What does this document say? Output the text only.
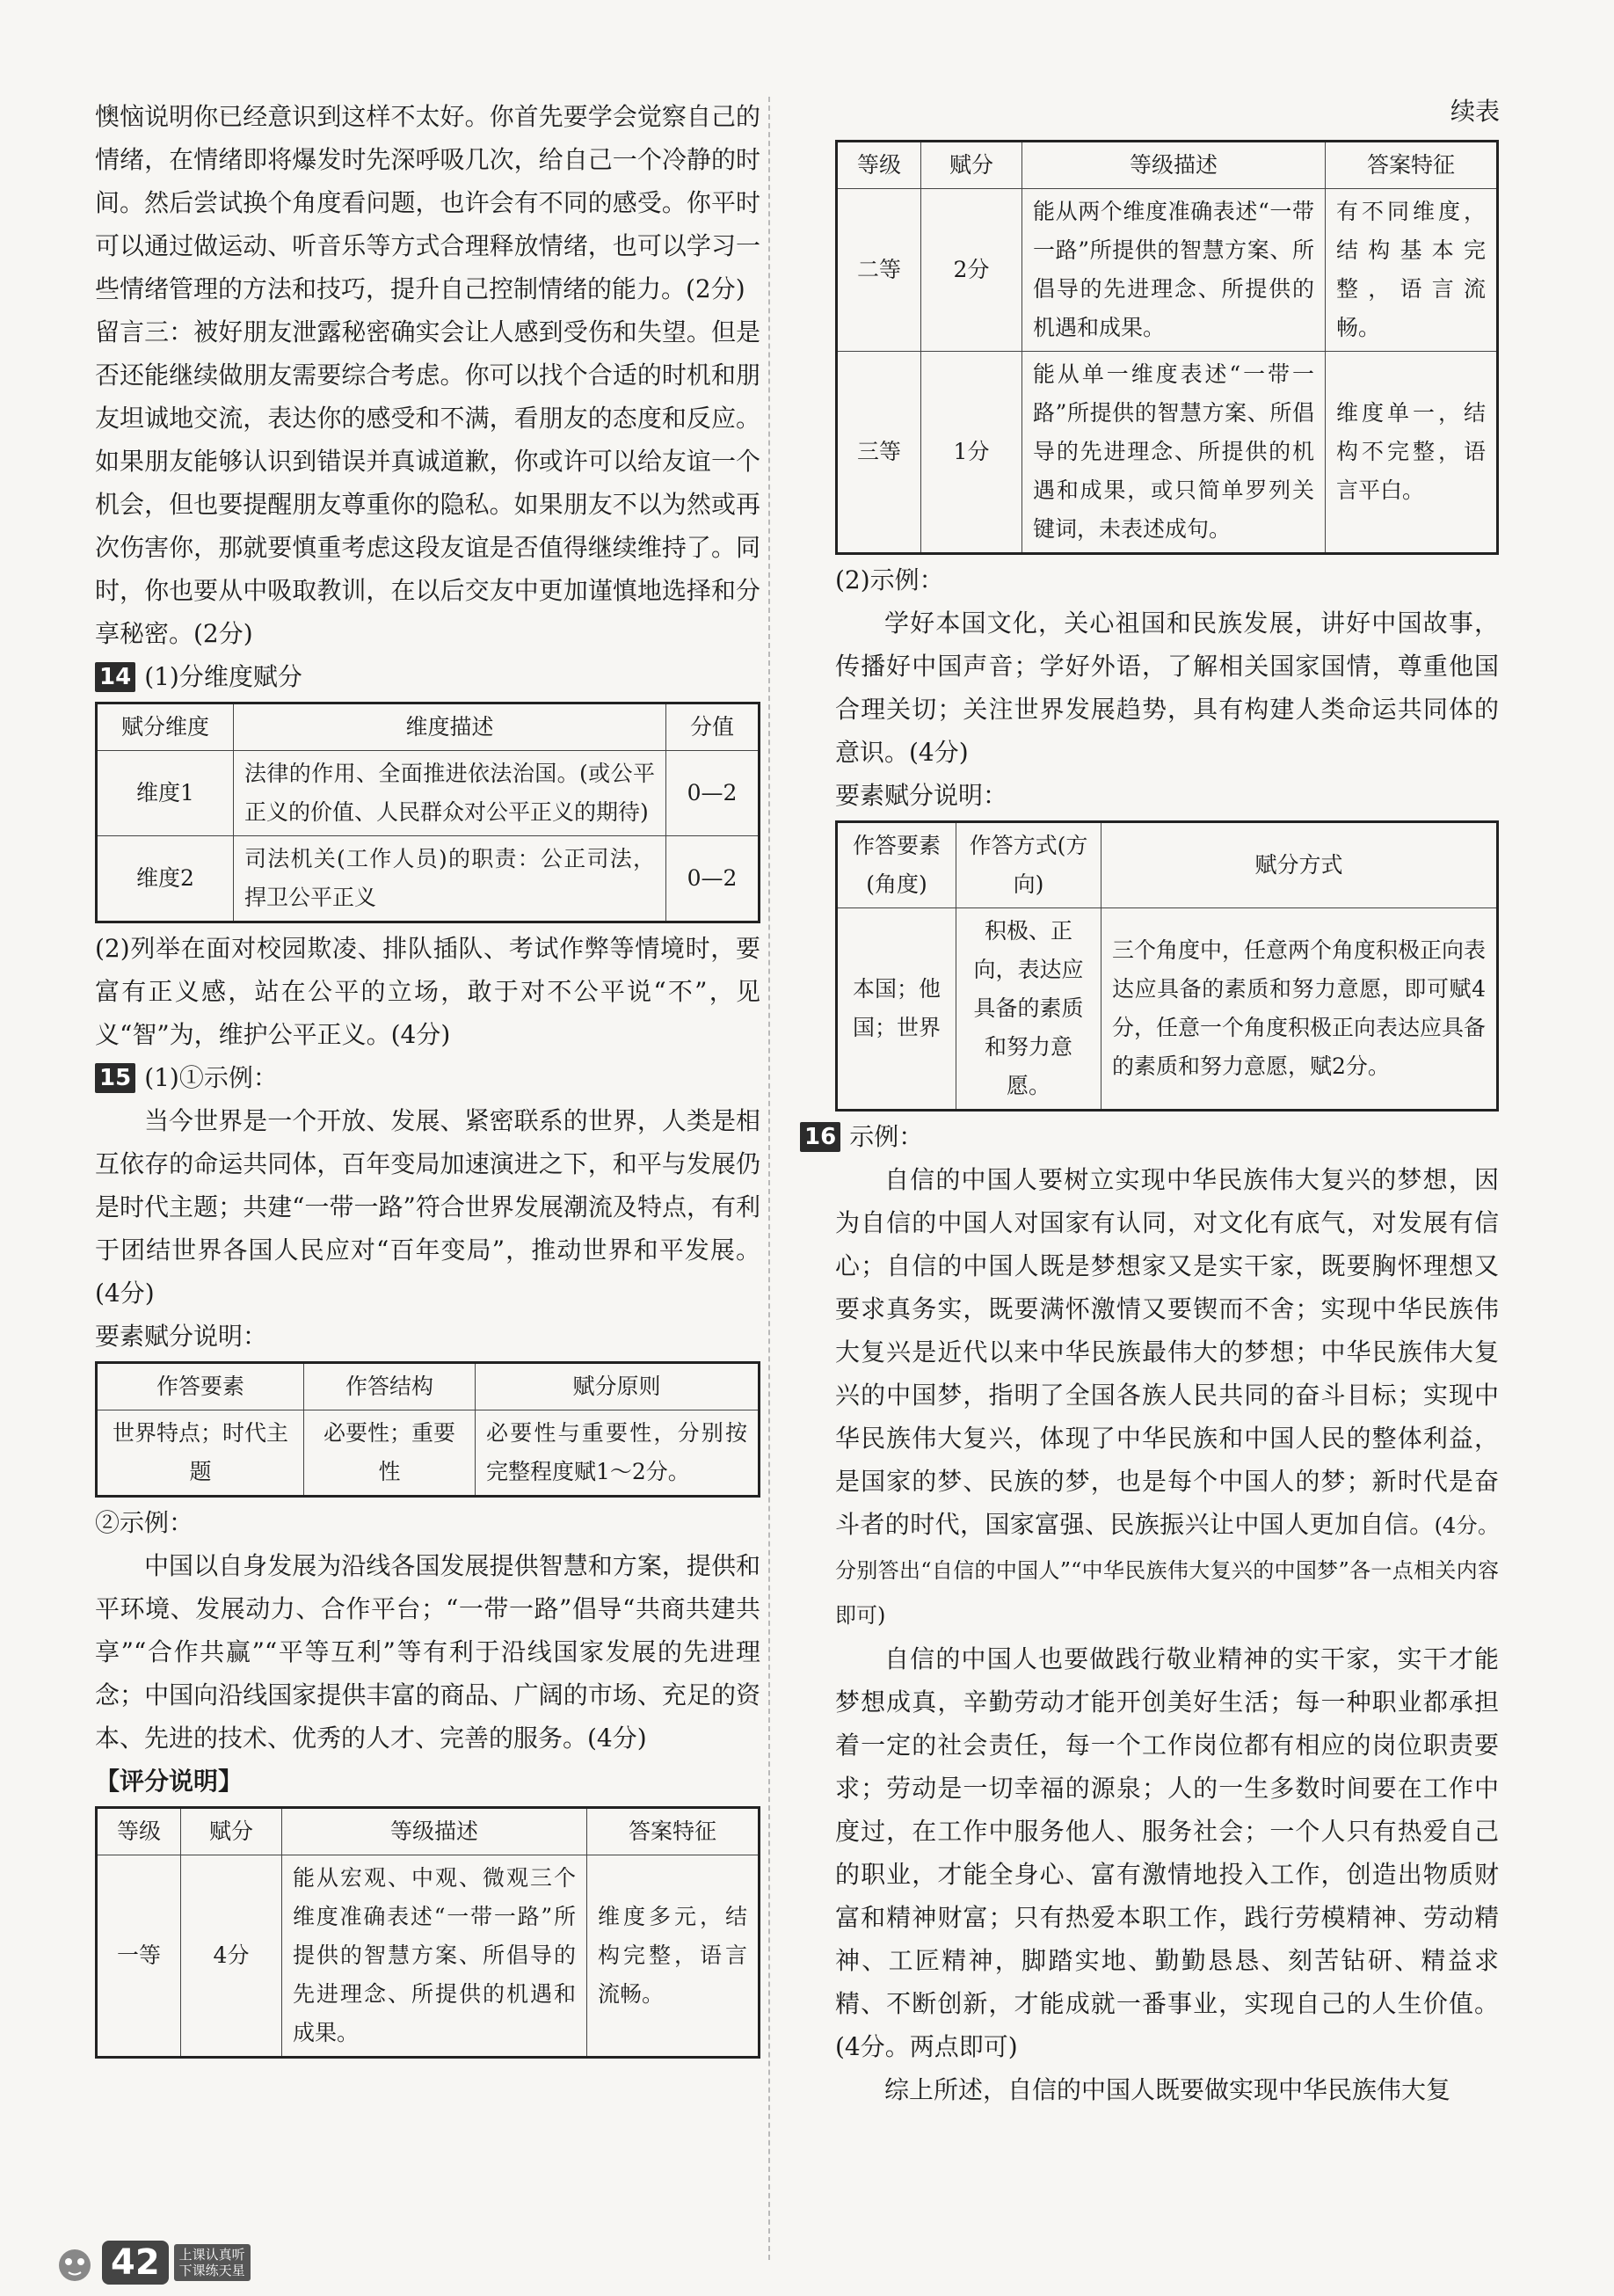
懊恼说明你已经意识到这样不太好。你首先要学会觉察自己的情绪，在情绪即将爆发时先深呼吸几次，给自己一个冷静的时间。然后尝试换个角度看问题，也许会有不同的感受。你平时可以通过做运动、听音乐等方式合理释放情绪，也可以学习一些情绪管理的方法和技巧，提升自己控制情绪的能力。(2分)

留言三：被好朋友泄露秘密确实会让人感到受伤和失望。但是否还能继续做朋友需要综合考虑。你可以找个合适的时机和朋友坦诚地交流，表达你的感受和不满，看朋友的态度和反应。如果朋友能够认识到错误并真诚道歉，你或许可以给友谊一个机会，但也要提醒朋友尊重你的隐私。如果朋友不以为然或再次伤害你，那就要慎重考虑这段友谊是否值得继续维持了。同时，你也要从中吸取教训，在以后交友中更加谨慎地选择和分享秘密。(2分)

14 (1)分维度赋分
赋分维度	维度描述	分值
维度1	法律的作用、全面推进依法治国。(或公平正义的价值、人民群众对公平正义的期待)	0—2
维度2	司法机关(工作人员)的职责：公正司法，捍卫公平正义	0—2

(2)列举在面对校园欺凌、排队插队、考试作弊等情境时，要富有正义感，站在公平的立场，敢于对不公平说“不”，见义“智”为，维护公平正义。(4分)

15 (1)①示例：

当今世界是一个开放、发展、紧密联系的世界，人类是相互依存的命运共同体，百年变局加速演进之下，和平与发展仍是时代主题；共建“一带一路”符合世界发展潮流及特点，有利于团结世界各国人民应对“百年变局”，推动世界和平发展。(4分)

要素赋分说明：

作答要素	作答结构	赋分原则
世界特点；时代主题	必要性；重要性	必要性与重要性，分别按完整程度赋1～2分。

②示例：

中国以自身发展为沿线各国发展提供智慧和方案，提供和平环境、发展动力、合作平台；“一带一路”倡导“共商共建共享”“合作共赢”“平等互利”等有利于沿线国家发展的先进理念；中国向沿线国家提供丰富的商品、广阔的市场、充足的资本、先进的技术、优秀的人才、完善的服务。(4分)

【评分说明】

等级	赋分	等级描述	答案特征
一等	4分	能从宏观、中观、微观三个维度准确表述“一带一路”所提供的智慧方案、所倡导的先进理念、所提供的机遇和成果。	维度多元，结构完整，语言流畅。
续表
等级	赋分	等级描述	答案特征
二等	2分	能从两个维度准确表述“一带一路”所提供的智慧方案、所倡导的先进理念、所提供的机遇和成果。	有不同维度，结构基本完整，语言流畅。
三等	1分	能从单一维度表述“一带一路”所提供的智慧方案、所倡导的先进理念、所提供的机遇和成果，或只简单罗列关键词，未表述成句。	维度单一，结构不完整，语言平白。

(2)示例：

学好本国文化，关心祖国和民族发展，讲好中国故事，传播好中国声音；学好外语，了解相关国家国情，尊重他国合理关切；关注世界发展趋势，具有构建人类命运共同体的意识。(4分)

要素赋分说明：

作答要素(角度)	作答方式(方向)	赋分方式
本国；他国；世界	积极、正向，表达应具备的素质和努力意愿。	三个角度中，任意两个角度积极正向表达应具备的素质和努力意愿，即可赋4分，任意一个角度积极正向表达应具备的素质和努力意愿，赋2分。
16 示例：

自信的中国人要树立实现中华民族伟大复兴的梦想，因为自信的中国人对国家有认同，对文化有底气，对发展有信心；自信的中国人既是梦想家又是实干家，既要胸怀理想又要求真务实，既要满怀激情又要锲而不舍；实现中华民族伟大复兴是近代以来中华民族最伟大的梦想；中华民族伟大复兴的中国梦，指明了全国各族人民共同的奋斗目标；实现中华民族伟大复兴，体现了中华民族和中国人民的整体利益，是国家的梦、民族的梦，也是每个中国人的梦；新时代是奋斗者的时代，国家富强、民族振兴让中国人更加自信。(4分。分别答出“自信的中国人”“中华民族伟大复兴的中国梦”各一点相关内容即可)

自信的中国人也要做践行敬业精神的实干家，实干才能梦想成真，辛勤劳动才能开创美好生活；每一种职业都承担着一定的社会责任，每一个工作岗位都有相应的岗位职责要求；劳动是一切幸福的源泉；人的一生多数时间要在工作中度过，在工作中服务他人、服务社会；一个人只有热爱自己的职业，才能全身心、富有激情地投入工作，创造出物质财富和精神财富；只有热爱本职工作，践行劳模精神、劳动精神、工匠精神，脚踏实地、勤勤恳恳、刻苦钻研、精益求精、不断创新，才能成就一番事业，实现自己的人生价值。(4分。两点即可)

综上所述，自信的中国人既要做实现中华民族伟大复

42	上课认真听
下课练天星
